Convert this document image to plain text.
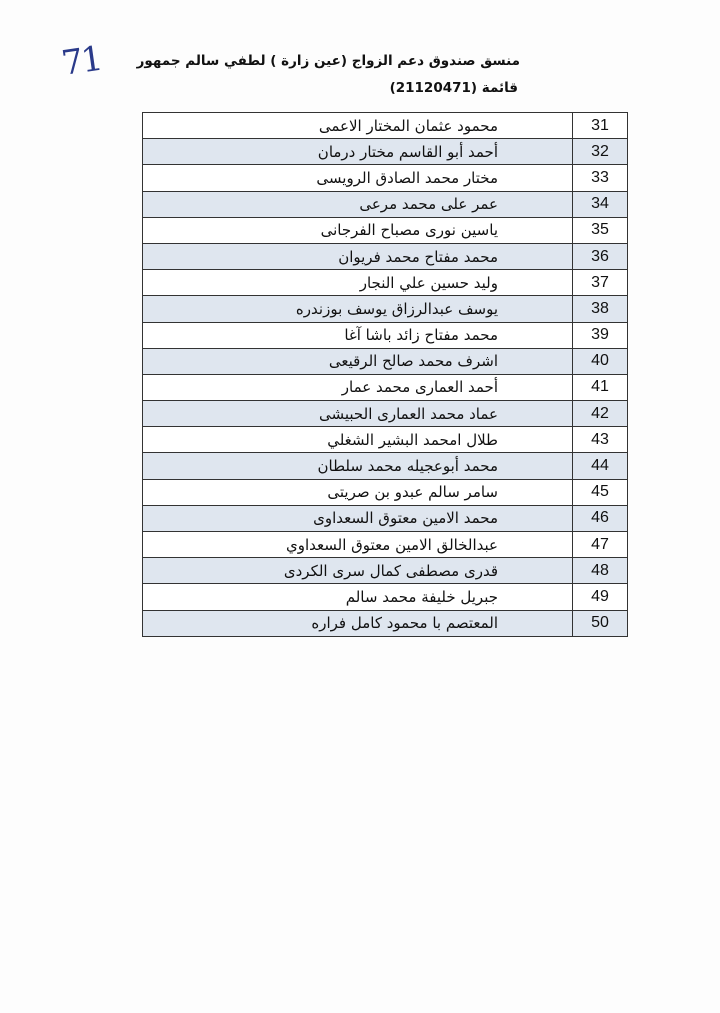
71	منسق صندوق دعم الزواج (عين زارة ) لطفي سالم جمهور
قائمة (21120471)
محمود عثمان المختار الاعمى	31
أحمد أبو القاسم مختار درمان	32
مختار محمد الصادق الرويسى	33
عمر على محمد مرعى	34
ياسين نورى مصباح الفرجانى	35
محمد مفتاح محمد فريوان	36
وليد حسين علي النجار	37
يوسف عبدالرزاق يوسف بوزندره	38
محمد مفتاح زائد باشا آغا	39
اشرف محمد صالح الرقيعى	40
أحمد العمارى محمد عمار	41
عماد محمد العمارى الحبيشى	42
طلال امحمد البشير الشغلي	43
محمد أبوعجيله محمد سلطان	44
سامر سالم عبدو بن صريتى	45
محمد الامين معتوق السعداوى	46
عبدالخالق الامين معتوق السعداوي	47
قدرى مصطفى كمال سرى الكردى	48
جبريل خليفة محمد سالم	49
المعتصم با محمود كامل فراره	50
